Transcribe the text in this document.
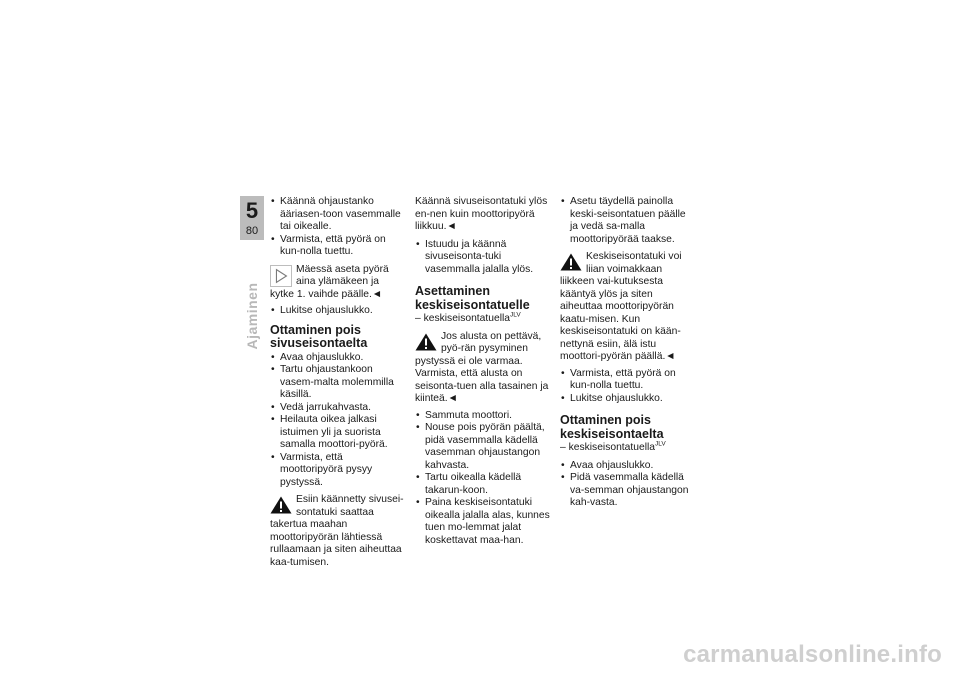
5
80
Ajaminen
• Käännä ohjaustanko ääriasen-toon vasemmalle tai oikealle.
• Varmista, että pyörä on kun-nolla tuettu.

Mäessä aseta pyörä aina ylämäkeen ja kytke 1. vaihde päälle.◄

• Lukitse ohjauslukko.
Ottaminen pois sivuseisontaelta
• Avaa ohjauslukko.
• Tartu ohjaustankoon vasem-malta molemmilla käsillä.
• Vedä jarrukahvasta.
• Heilauta oikea jalkasi istuimen yli ja suorista samalla moottori-pyörä.
• Varmista, että moottoripyörä pysyy pystyssä.

Esiin käännetty sivusei-sontatuki saattaa takertua maahan moottoripyörän lähtiessä rullaamaan ja siten aiheuttaa kaa-tumisen.

Käännä sivuseisontatuki ylös en-nen kuin moottoripyörä liikkuu.◄

• Istuudu ja käännä sivuseisonta-tuki vasemmalla jalalla ylös.
Asettaminen keskiseisontatuelle

– keskiseisontatuella$^{JLV}$

Jos alusta on pettävä, pyö-rän pysyminen pystyssä ei ole varmaa. Varmista, että alusta on seisonta-tuen alla tasainen ja kiinteä.◄

• Sammuta moottori.
• Nouse pois pyörän päältä, pidä vasemmalla kädellä vasemman ohjaustangon kahvasta.
• Tartu oikealla kädellä takarun-koon.
• Paina keskiseisontatuki oikealla jalalla alas, kunnes tuen mo-lemmat jalat koskettavat maa-han.
• Asetu täydellä painolla keski-seisontatuen päälle ja vedä sa-malla moottoripyörää taakse.

Keskiseisontatuki voi liian voimakkaan liikkeen vai-kutuksesta kääntyä ylös ja siten aiheuttaa moottoripyörän kaatu-misen. Kun keskiseisontatuki on kään-nettynä esiin, älä istu moottori-pyörän päällä.◄

• Varmista, että pyörä on kun-nolla tuettu.
• Lukitse ohjauslukko.
Ottaminen pois keskiseisontaelta

– keskiseisontatuella$^{JLV}$

• Avaa ohjauslukko.
• Pidä vasemmalla kädellä va-semman ohjaustangon kah-vasta.
carmanualsonline.info
